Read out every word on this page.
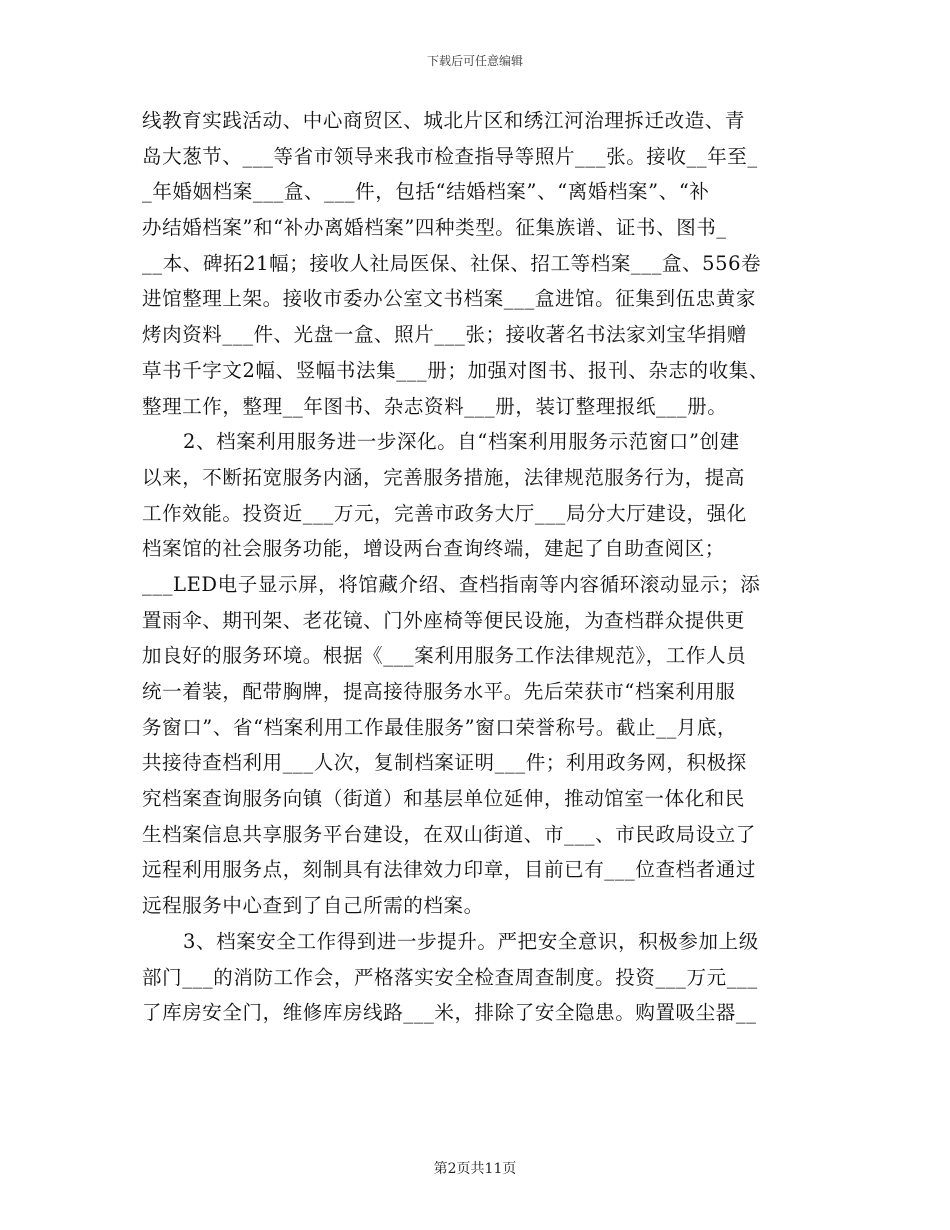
下载后可任意编辑
线教育实践活动、中心商贸区、城北片区和绣江河治理拆迁改造、青
岛大葱节、___等省市领导来我市检查指导等照片___张。接收__年至_
_年婚姻档案___盒、___件，包括“结婚档案”、“离婚档案”、“补
办结婚档案”和“补办离婚档案”四种类型。征集族谱、证书、图书_
__本、碑拓21幅；接收人社局医保、社保、招工等档案___盒、556卷
进馆整理上架。接收市委办公室文书档案___盒进馆。征集到伍忠黄家
烤肉资料___件、光盘一盒、照片___张；接收著名书法家刘宝华捐赠
草书千字文2幅、竖幅书法集___册；加强对图书、报刊、杂志的收集、
整理工作，整理__年图书、杂志资料___册，装订整理报纸___册。
2、档案利用服务进一步深化。自“档案利用服务示范窗口”创建
以来，不断拓宽服务内涵，完善服务措施，法律规范服务行为，提高
工作效能。投资近___万元，完善市政务大厅___局分大厅建设，强化
档案馆的社会服务功能，增设两台查询终端，建起了自助查阅区；
___LED电子显示屏，将馆藏介绍、查档指南等内容循环滚动显示；添
置雨伞、期刊架、老花镜、门外座椅等便民设施，为查档群众提供更
加良好的服务环境。根据《___案利用服务工作法律规范》，工作人员
统一着装，配带胸牌，提高接待服务水平。先后荣获市“档案利用服
务窗口”、省“档案利用工作最佳服务”窗口荣誉称号。截止__月底，
共接待查档利用___人次，复制档案证明___件；利用政务网，积极探
究档案查询服务向镇（街道）和基层单位延伸，推动馆室一体化和民
生档案信息共享服务平台建设，在双山街道、市___、市民政局设立了
远程利用服务点，刻制具有法律效力印章，目前已有___位查档者通过
远程服务中心查到了自己所需的档案。
3、档案安全工作得到进一步提升。严把安全意识，积极参加上级
部门___的消防工作会，严格落实安全检查周查制度。投资___万元___
了库房安全门，维修库房线路___米，排除了安全隐患。购置吸尘器__
第2页共11页
